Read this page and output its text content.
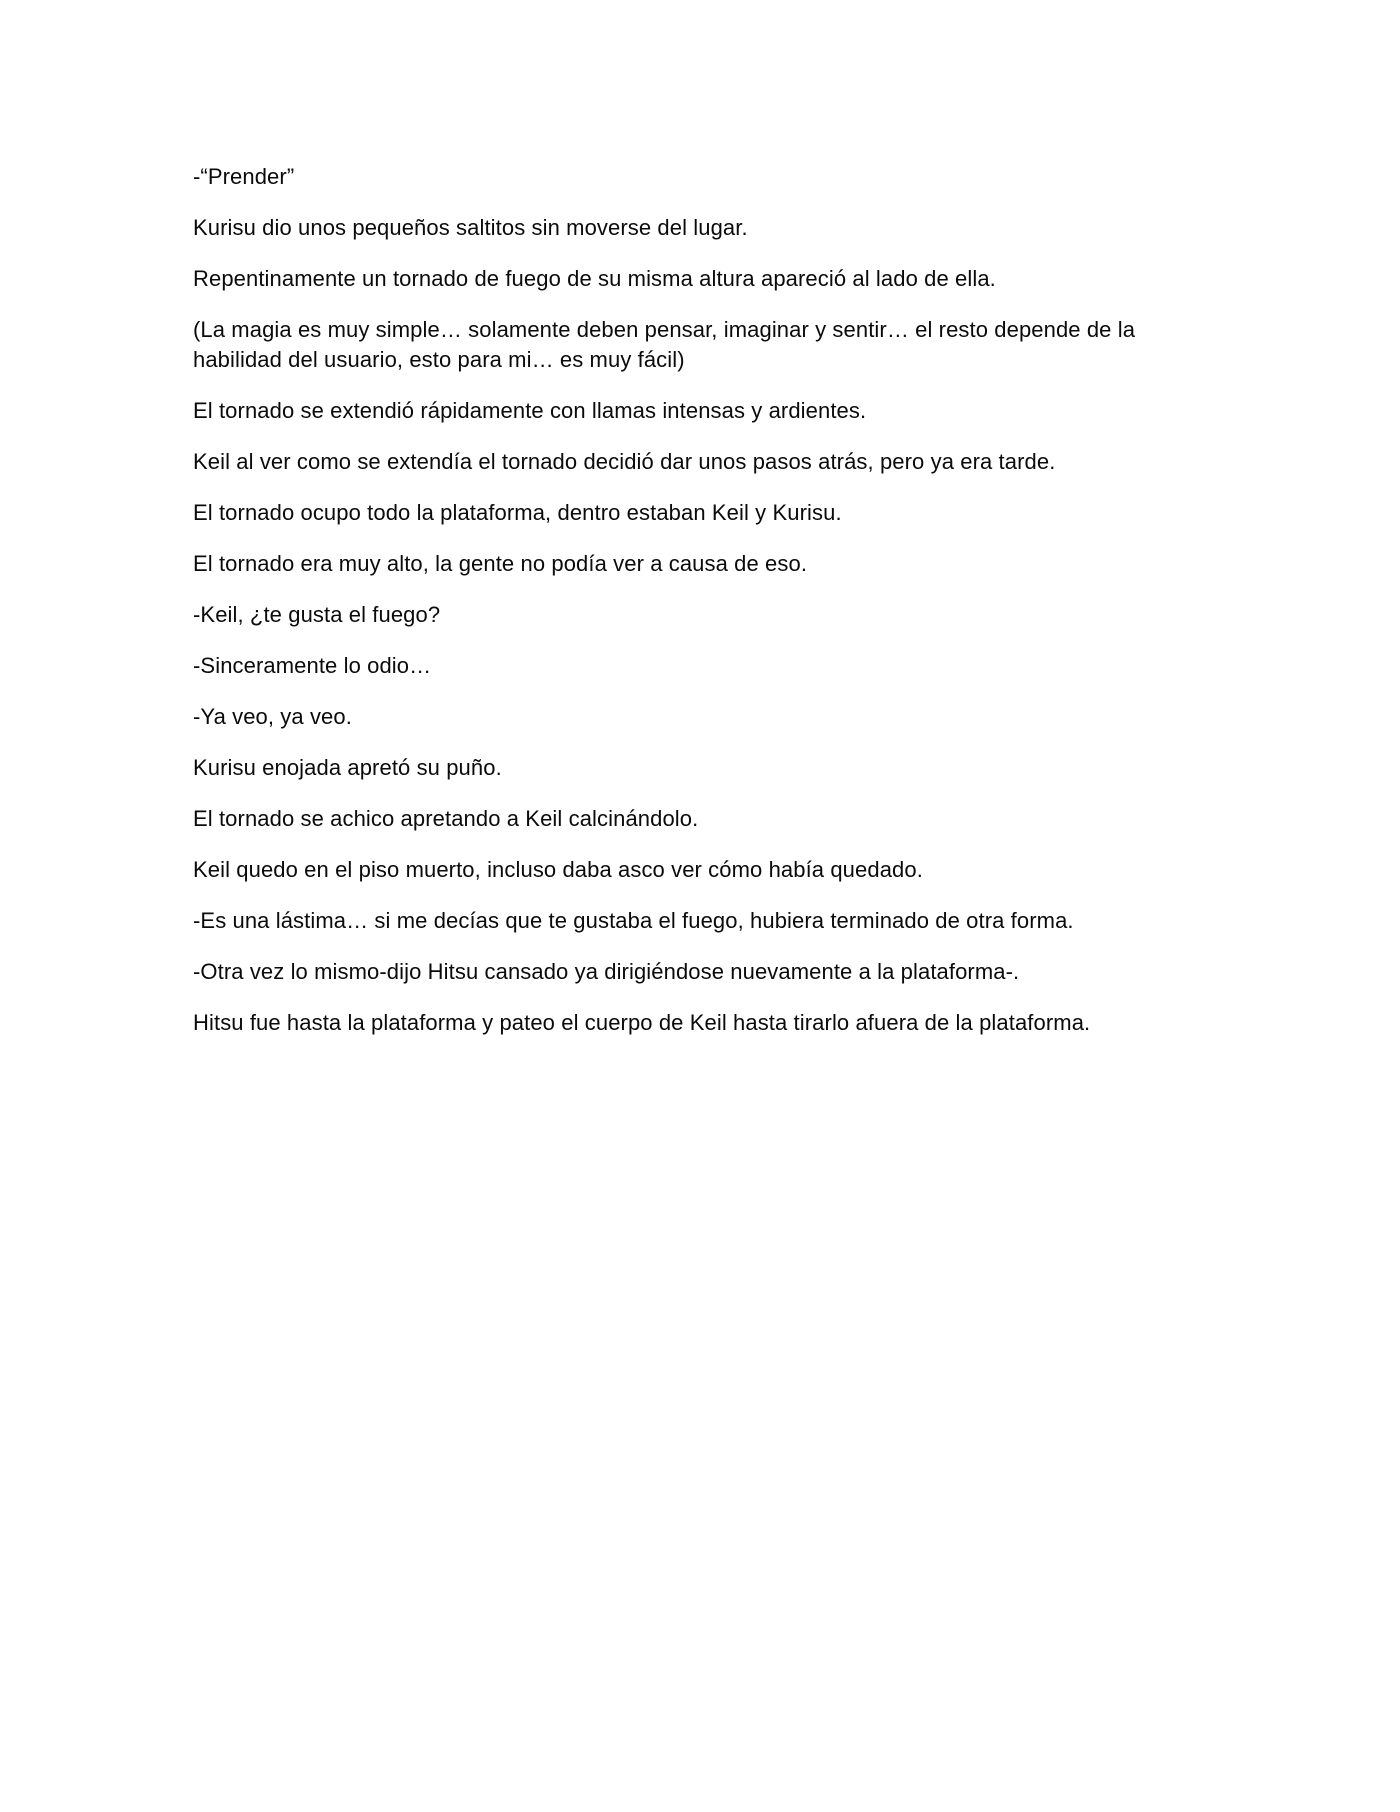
-“Prender”

Kurisu dio unos pequeños saltitos sin moverse del lugar.

Repentinamente un tornado de fuego de su misma altura apareció al lado de ella.

(La magia es muy simple… solamente deben pensar, imaginar y sentir… el resto depende de la habilidad del usuario, esto para mi… es muy fácil)

El tornado se extendió rápidamente con llamas intensas y ardientes.

Keil al ver como se extendía el tornado decidió dar unos pasos atrás, pero ya era tarde.

El tornado ocupo todo la plataforma, dentro estaban Keil y Kurisu.

El tornado era muy alto, la gente no podía ver a causa de eso.

-Keil, ¿te gusta el fuego?

-Sinceramente lo odio…

-Ya veo, ya veo.

Kurisu enojada apretó su puño.

El tornado se achico apretando a Keil calcinándolo.

Keil quedo en el piso muerto, incluso daba asco ver cómo había quedado.

-Es una lástima… si me decías que te gustaba el fuego, hubiera terminado de otra forma.

-Otra vez lo mismo-dijo Hitsu cansado ya dirigiéndose nuevamente a la plataforma-.

Hitsu fue hasta la plataforma y pateo el cuerpo de Keil hasta tirarlo afuera de la plataforma.
